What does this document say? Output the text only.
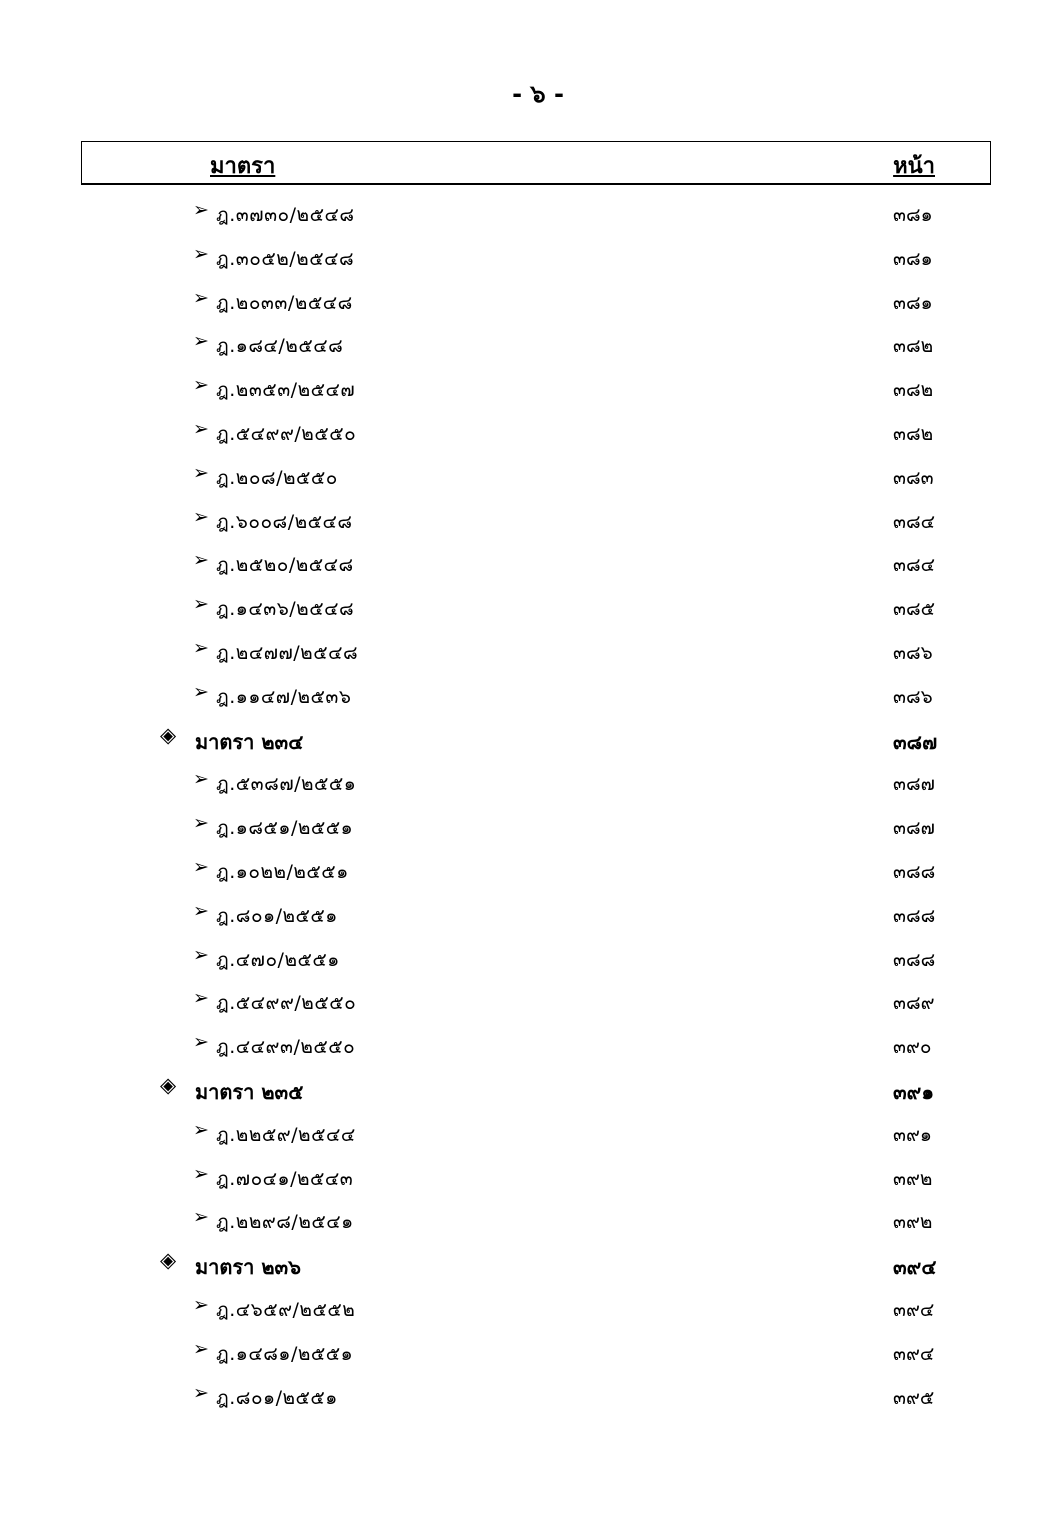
- ๖ -
มาตรา	หน้า
➢ ฎ.๓๗๓๐/๒๕๔๘	๓๘๑
➢ ฎ.๓๐๕๒/๒๕๔๘	๓๘๑
➢ ฎ.๒๐๓๓/๒๕๔๘	๓๘๑
➢ ฎ.๑๘๔/๒๕๔๘	๓๘๒
➢ ฎ.๒๓๕๓/๒๕๔๗	๓๘๒
➢ ฎ.๕๔๙๙/๒๕๕๐	๓๘๒
➢ ฎ.๒๐๘/๒๕๕๐	๓๘๓
➢ ฎ.๖๐๐๘/๒๕๔๘	๓๘๔
➢ ฎ.๒๕๒๐/๒๕๔๘	๓๘๔
➢ ฎ.๑๔๓๖/๒๕๔๘	๓๘๕
➢ ฎ.๒๔๗๗/๒๕๔๘	๓๘๖
➢ ฎ.๑๑๔๗/๒๕๓๖	๓๘๖
◈ มาตรา ๒๓๔	๓๘๗
➢ ฎ.๕๓๘๗/๒๕๕๑	๓๘๗
➢ ฎ.๑๘๕๑/๒๕๕๑	๓๘๗
➢ ฎ.๑๐๒๒/๒๕๕๑	๓๘๘
➢ ฎ.๘๐๑/๒๕๕๑	๓๘๘
➢ ฎ.๔๗๐/๒๕๕๑	๓๘๘
➢ ฎ.๕๔๙๙/๒๕๕๐	๓๘๙
➢ ฎ.๔๔๙๓/๒๕๕๐	๓๙๐
◈ มาตรา ๒๓๕	๓๙๑
➢ ฎ.๒๒๕๙/๒๕๔๔	๓๙๑
➢ ฎ.๗๐๔๑/๒๕๔๓	๓๙๒
➢ ฎ.๒๒๙๘/๒๕๔๑	๓๙๒
◈ มาตรา ๒๓๖	๓๙๔
➢ ฎ.๔๖๕๙/๒๕๕๒	๓๙๔
➢ ฎ.๑๔๘๑/๒๕๕๑	๓๙๔
➢ ฎ.๘๐๑/๒๕๕๑	๓๙๕
